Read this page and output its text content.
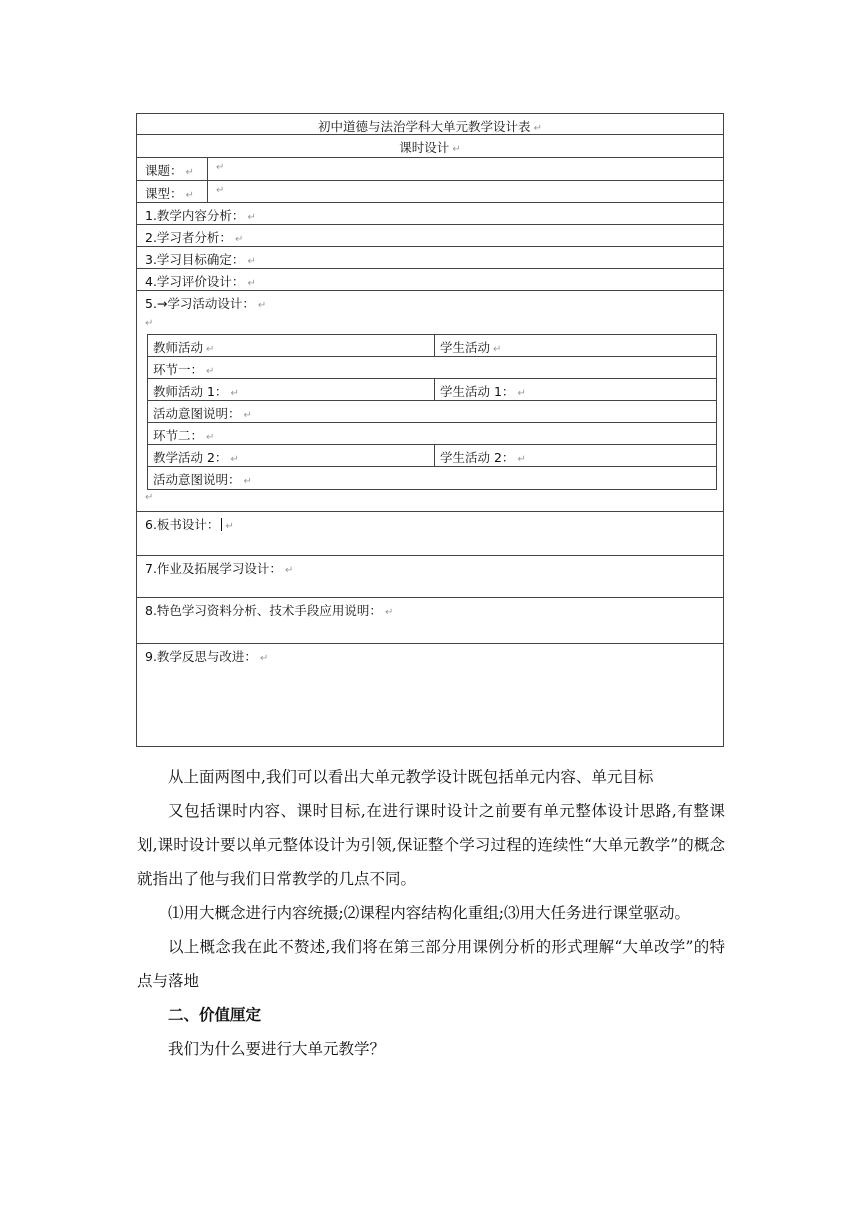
初中道德与法治学科大单元教学设计表 ↵
课时设计 ↵
课题： ↵ ↵
课型： ↵ ↵
1.教学内容分析： ↵
2.学习者分析： ↵
3.学习目标确定： ↵
4.学习评价设计： ↵
5.→学习活动设计： ↵
↵
↵
教师活动 ↵	学生活动 ↵
环节一： ↵
教师活动 1： ↵	学生活动 1： ↵
活动意图说明： ↵
环节二： ↵
教学活动 2： ↵	学生活动 2： ↵
活动意图说明： ↵
6.板书设计： ↵
7.作业及拓展学习设计： ↵
8.特色学习资料分析、技术手段应用说明： ↵
9.教学反思与改进： ↵

从上面两图中,我们可以看出大单元教学设计既包括单元内容、单元目标

又包括课时内容、课时目标,在进行课时设计之前要有单元整体设计思路,有整课划,课时设计要以单元整体设计为引领,保证整个学习过程的连续性“大单元教学”的概念就指出了他与我们日常教学的几点不同。

⑴用大概念进行内容统摄;⑵课程内容结构化重组;⑶用大任务进行课堂驱动。

以上概念我在此不赘述,我们将在第三部分用课例分析的形式理解“大单改学”的特点与落地

二、价值厘定

我们为什么要进行大单元教学？
